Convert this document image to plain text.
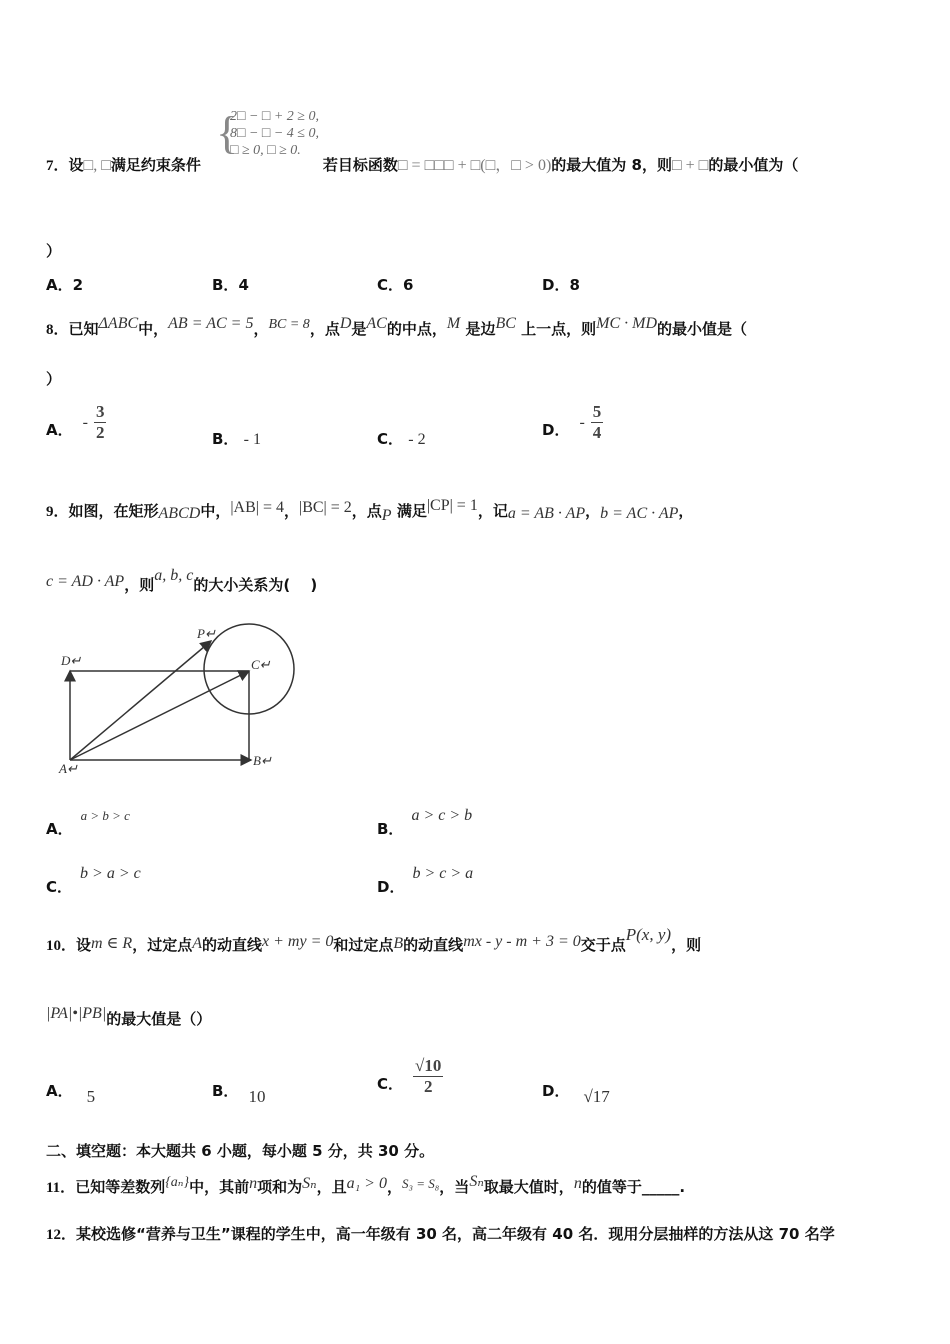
{
2□ − □ + 2 ≥ 0,
8□ − □ − 4 ≤ 0,
□ ≥ 0, □ ≥ 0.
7．设□, □满足约束条件	若目标函数□ = □□□ + □(□，□ > 0)的最大值为 8，则□ + □的最小值为（
）
A．2	B．4	C．6	D．8
8．已知ΔABC中，AB = AC = 5，BC = 8，点D是AC的中点，M 是边BC 上一点，则MC · MD的最小值是（
）
A． - $\frac{3}{2}$	B． - 1	C． - 2
D． - $\frac{5}{4}$
9．如图，在矩形ABCD中，|AB| = 4，|BC| = 2，点P 满足|CP| = 1，记a = AB · AP，b = AC · AP，
c = AD · AP，则a, b, c的大小关系为(　 )
P↵
D↵	C↵
A↵
B↵
A．a > b > c
B．a > c > b
C．b > a > c
D．b > c > a
10．设m ∈ R，过定点A的动直线x + my = 0和过定点B的动直线mx - y - m + 3 = 0交于点P(x, y)，则
|PA|•|PB|的最大值是（）
A． 5	B． 10
C． $\frac{√10}{2}$	D． √17
二、填空题：本大题共 6 小题，每小题 5 分，共 30 分。
11．已知等差数列{aₙ}中，其前n项和为Sₙ，且a₁ > 0，S₃ = S₈，当Sₙ取最大值时，n的值等于_____.
12．某校选修“营养与卫生”课程的学生中，高一年级有 30 名，高二年级有 40 名．现用分层抽样的方法从这 70 名学
